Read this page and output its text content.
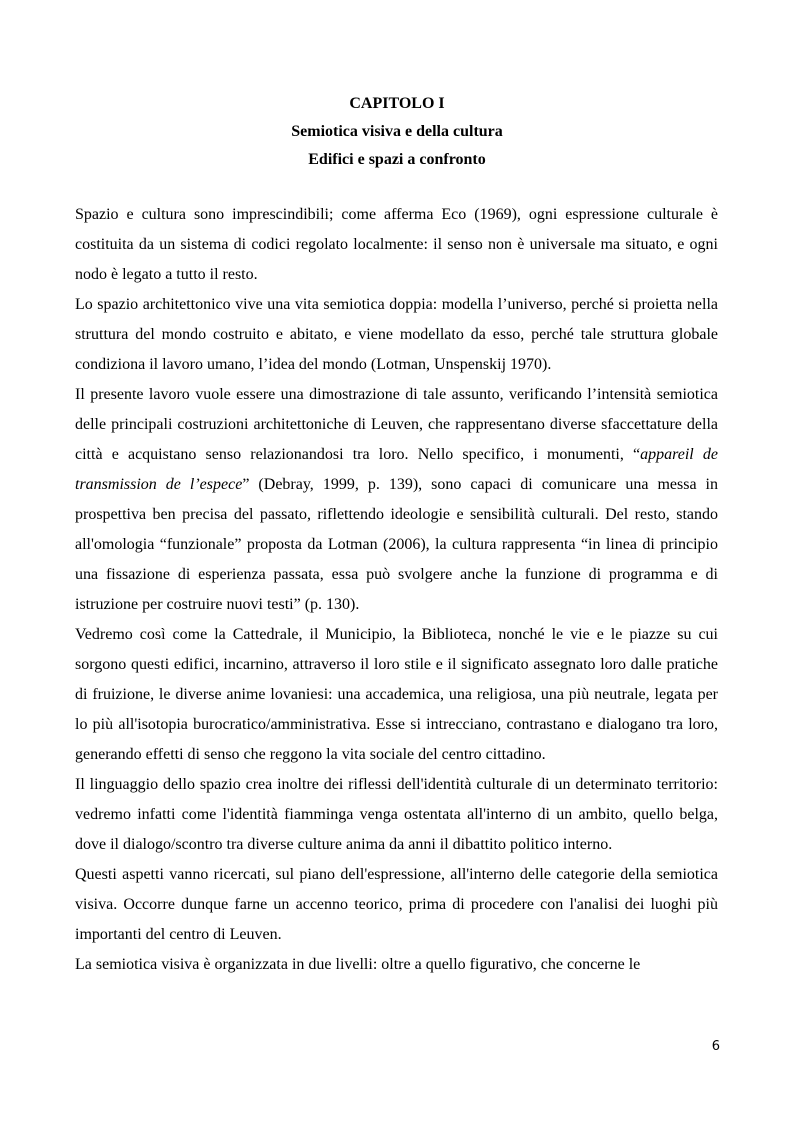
CAPITOLO I
Semiotica visiva e della cultura
Edifici e spazi a confronto

Spazio e cultura sono imprescindibili; come afferma Eco (1969), ogni espressione culturale è costituita da un sistema di codici regolato localmente: il senso non è universale ma situato, e ogni nodo è legato a tutto il resto.

Lo spazio architettonico vive una vita semiotica doppia: modella l’universo, perché si proietta nella struttura del mondo costruito e abitato, e viene modellato da esso, perché tale struttura globale condiziona il lavoro umano, l’idea del mondo (Lotman, Unspenskij 1970).

Il presente lavoro vuole essere una dimostrazione di tale assunto, verificando l’intensità semiotica delle principali costruzioni architettoniche di Leuven, che rappresentano diverse sfaccettature della città e acquistano senso relazionandosi tra loro. Nello specifico, i monumenti, “appareil de transmission de l’espece” (Debray, 1999, p. 139), sono capaci di comunicare una messa in prospettiva ben precisa del passato, riflettendo ideologie e sensibilità culturali. Del resto, stando all'omologia “funzionale” proposta da Lotman (2006), la cultura rappresenta “in linea di principio una fissazione di esperienza passata, essa può svolgere anche la funzione di programma e di istruzione per costruire nuovi testi” (p. 130).

Vedremo così come la Cattedrale, il Municipio, la Biblioteca, nonché le vie e le piazze su cui sorgono questi edifici, incarnino, attraverso il loro stile e il significato assegnato loro dalle pratiche di fruizione, le diverse anime lovaniesi: una accademica, una religiosa, una più neutrale, legata per lo più all'isotopia burocratico/amministrativa. Esse si intrecciano, contrastano e dialogano tra loro, generando effetti di senso che reggono la vita sociale del centro cittadino.

Il linguaggio dello spazio crea inoltre dei riflessi dell'identità culturale di un determinato territorio: vedremo infatti come l'identità fiamminga venga ostentata all'interno di un ambito, quello belga, dove il dialogo/scontro tra diverse culture anima da anni il dibattito politico interno.

Questi aspetti vanno ricercati, sul piano dell'espressione, all'interno delle categorie della semiotica visiva. Occorre dunque farne un accenno teorico, prima di procedere con l'analisi dei luoghi più importanti del centro di Leuven.

La semiotica visiva è organizzata in due livelli: oltre a quello figurativo, che concerne le

6
